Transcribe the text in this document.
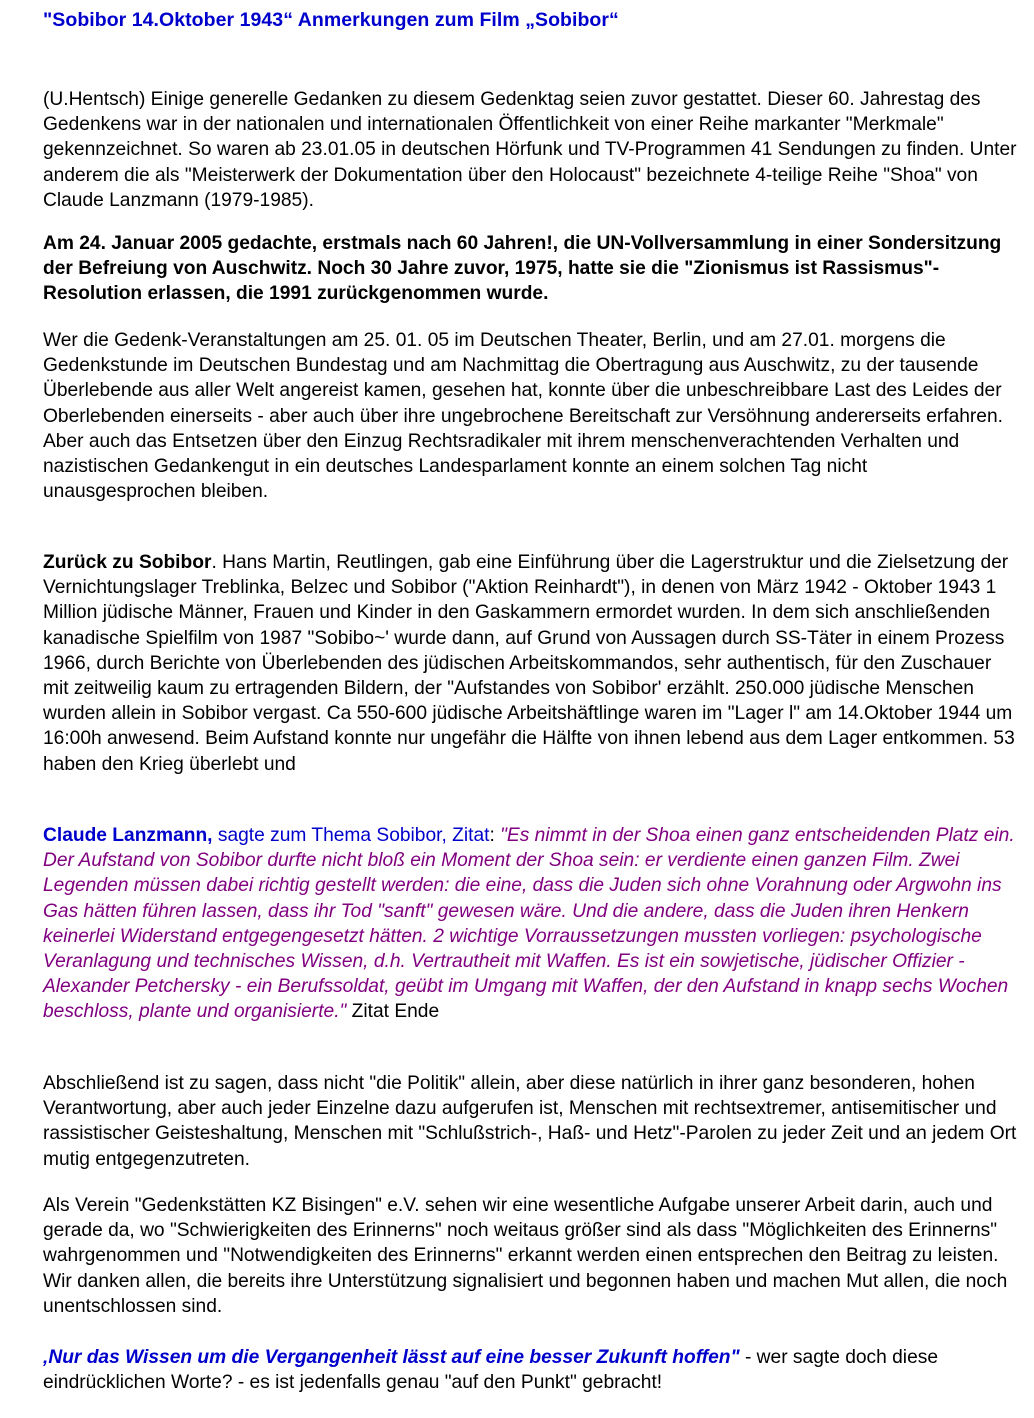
"Sobibor 14.Oktober 1943“ Anmerkungen zum Film „Sobibor“

(U.Hentsch) Einige generelle Gedanken zu diesem Gedenktag seien zuvor gestattet. Dieser 60. Jahrestag des Gedenkens war in der nationalen und internationalen Öffentlichkeit von einer Reihe markanter "Merkmale" gekennzeichnet. So waren ab 23.01.05 in deutschen Hörfunk und TV-Programmen 41 Sendungen zu finden. Unter anderem die als "Meisterwerk der Dokumentation über den Holocaust" bezeichnete 4-teilige Reihe "Shoa" von Claude Lanzmann (1979-1985).

Am 24. Januar 2005 gedachte, erstmals nach 60 Jahren!, die UN-Vollversammlung in einer Sondersitzung der Befreiung von Auschwitz. Noch 30 Jahre zuvor, 1975, hatte sie die "Zionismus ist Rassismus"-Resolution erlassen, die 1991 zurückgenommen wurde.

Wer die Gedenk-Veranstaltungen am 25. 01. 05 im Deutschen Theater, Berlin, und am 27.01. morgens die Gedenkstunde im Deutschen Bundestag und am Nachmittag die Obertragung aus Auschwitz, zu der tausende Überlebende aus aller Welt angereist kamen, gesehen hat, konnte über die unbeschreibbare Last des Leides der Oberlebenden einerseits - aber auch über ihre ungebrochene Bereitschaft zur Versöhnung andererseits erfahren. Aber auch das Entsetzen über den Einzug Rechtsradikaler mit ihrem menschenverachtenden Verhalten und nazistischen Gedankengut in ein deutsches Landesparlament konnte an einem solchen Tag nicht unausgesprochen bleiben.

Zurück zu Sobibor. Hans Martin, Reutlingen, gab eine Einführung über die Lagerstruktur und die Zielsetzung der Vernichtungslager Treblinka, Belzec und Sobibor ("Aktion Reinhardt"), in denen von März 1942 - Oktober 1943 1 Million jüdische Männer, Frauen und Kinder in den Gaskammern ermordet wurden. In dem sich anschließenden kanadische Spielfilm von 1987 "Sobibo~' wurde dann, auf Grund von Aussagen durch SS-Täter in einem Prozess 1966, durch Berichte von Überlebenden des jüdischen Arbeitskommandos, sehr authentisch, für den Zuschauer mit zeitweilig kaum zu ertragenden Bildern, der "Aufstandes von Sobibor' erzählt. 250.000 jüdische Menschen wurden allein in Sobibor vergast. Ca 550-600 jüdische Arbeitshäftlinge waren im "Lager l" am 14.Oktober 1944 um 16:00h anwesend. Beim Aufstand konnte nur ungefähr die Hälfte von ihnen lebend aus dem Lager entkommen. 53 haben den Krieg überlebt und

Claude Lanzmann, sagte zum Thema Sobibor, Zitat: "Es nimmt in der Shoa einen ganz entscheidenden Platz ein. Der Aufstand von Sobibor durfte nicht bloß ein Moment der Shoa sein: er verdiente einen ganzen Film. Zwei Legenden müssen dabei richtig gestellt werden: die eine, dass die Juden sich ohne Vorahnung oder Argwohn ins Gas hätten führen lassen, dass ihr Tod "sanft" gewesen wäre. Und die andere, dass die Juden ihren Henkern keinerlei Widerstand entgegengesetzt hätten. 2 wichtige Vorraussetzungen mussten vorliegen: psychologische Veranlagung und technisches Wissen, d.h. Vertrautheit mit Waffen. Es ist ein sowjetische, jüdischer Offizier - Alexander Petchersky - ein Berufssoldat, geübt im Umgang mit Waffen, der den Aufstand in knapp sechs Wochen beschloss, plante und organisierte." Zitat Ende

Abschließend ist zu sagen, dass nicht "die Politik" allein, aber diese natürlich in ihrer ganz besonderen, hohen Verantwortung, aber auch jeder Einzelne dazu aufgerufen ist, Menschen mit rechtsextremer, antisemitischer und rassistischer Geisteshaltung, Menschen mit "Schlußstrich-, Haß- und Hetz"-Parolen zu jeder Zeit und an jedem Ort mutig entgegenzutreten.

Als Verein "Gedenkstätten KZ Bisingen" e.V. sehen wir eine wesentliche Aufgabe unserer Arbeit darin, auch und gerade da, wo "Schwierigkeiten des Erinnerns" noch weitaus größer sind als dass "Möglichkeiten des Erinnerns" wahrgenommen und "Notwendigkeiten des Erinnerns" erkannt werden einen entsprechen den Beitrag zu leisten. Wir danken allen, die bereits ihre Unterstützung signalisiert und begonnen haben und machen Mut allen, die noch unentschlossen sind.

‚Nur das Wissen um die Vergangenheit lässt auf eine besser Zukunft hoffen" - wer sagte doch diese eindrücklichen Worte? - es ist jedenfalls genau "auf den Punkt" gebracht!
